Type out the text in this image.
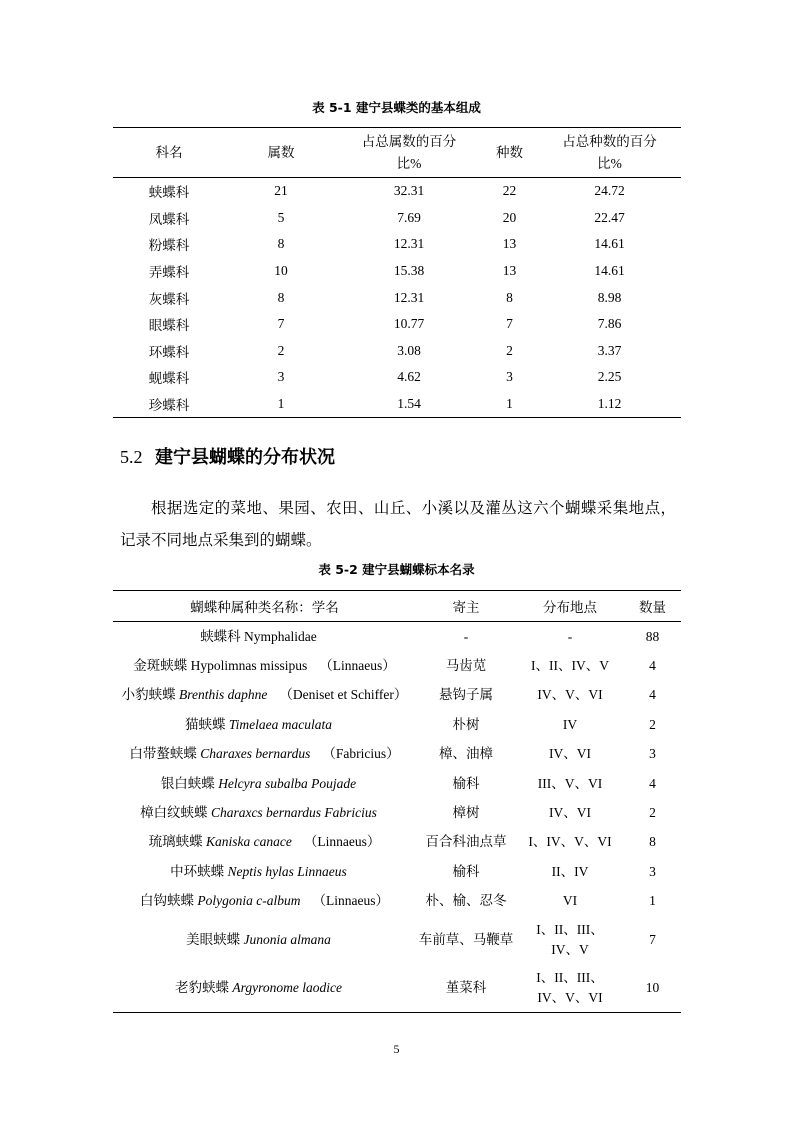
表 5-1 建宁县蝶类的基本组成
科名	属数	占总属数的百分比%	种数	占总种数的百分比%

蛱蝶科	21	32.31	22	24.72
凤蝶科	5	7.69	20	22.47
粉蝶科	8	12.31	13	14.61
弄蝶科	10	15.38	13	14.61
灰蝶科	8	12.31	8	8.98
眼蝶科	7	10.77	7	7.86
环蝶科	2	3.08	2	3.37
蚬蝶科	3	4.62	3	2.25
珍蝶科	1	1.54	1	1.12
5.2 建宁县蝴蝶的分布状况
根据选定的菜地、果园、农田、山丘、小溪以及灌丛这六个蝴蝶采集地点，记录不同地点采集到的蝴蝶。
表 5-2 建宁县蝴蝶标本名录
蝴蝶种属种类名称：学名	寄主	分布地点	数量
蛱蝶科 Nymphalidae	-	-	88
金斑蛱蝶 Hypolimnas missipus （Linnaeus）	马齿苋	I、II、IV、V	4
小豹蛱蝶 Brenthis daphne （Deniset et Schiffer）	悬钩子属	IV、V、VI	4
猫蛱蝶 Timelaea maculata	朴树	IV	2
白带螯蛱蝶 Charaxes bernardus （Fabricius）	樟、油樟	IV、VI	3
银白蛱蝶 Helcyra subalba Poujade	榆科	III、V、VI	4
樟白纹蛱蝶 Charaxcs bernardus Fabricius	樟树	IV、VI	2
琉璃蛱蝶 Kaniska canace （Linnaeus）	百合科油点草	I、IV、V、VI	8
中环蛱蝶 Neptis hylas Linnaeus	榆科	II、IV	3
白钩蛱蝶 Polygonia c-album （Linnaeus）	朴、榆、忍冬	VI	1
美眼蛱蝶 Junonia almana	车前草、马鞭草	I、II、III、IV、V	7
老豹蛱蝶 Argyronome laodice	堇菜科	I、II、III、IV、V、VI	10
5
